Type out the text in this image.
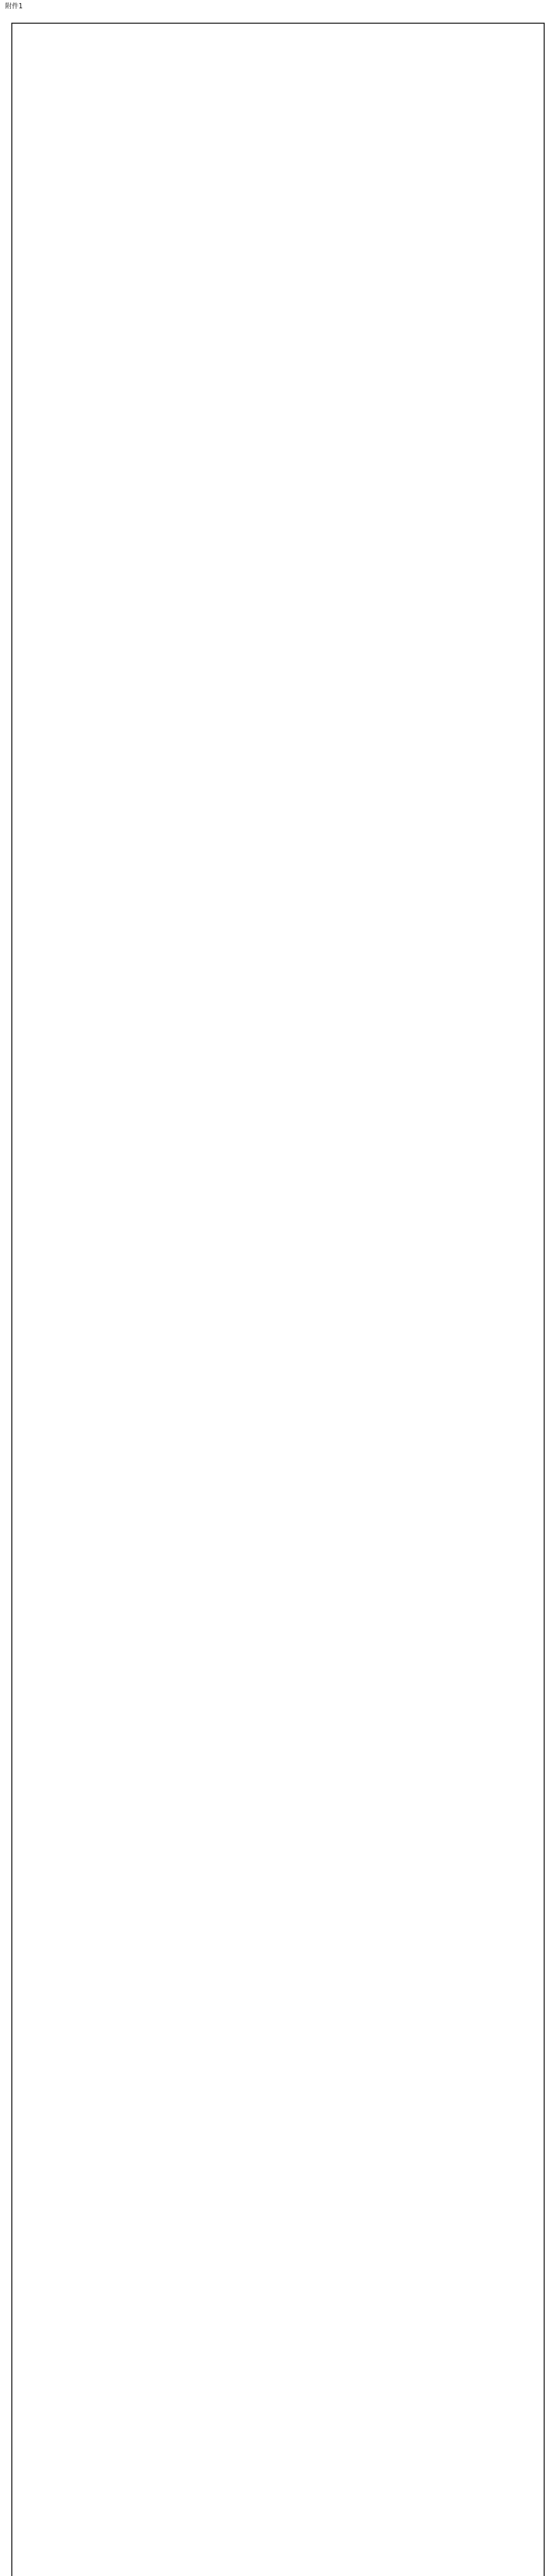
附件1
